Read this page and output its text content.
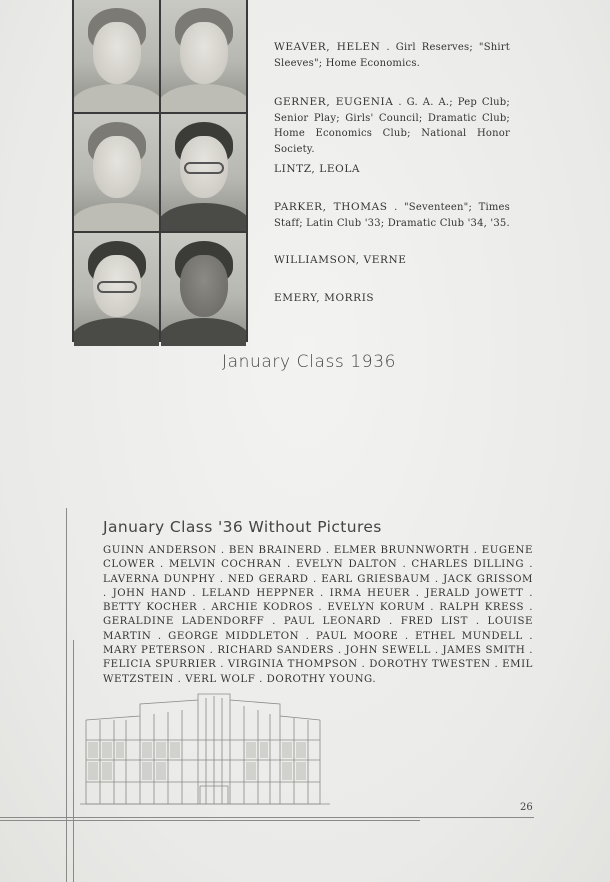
WEAVER, HELEN . Girl Reserves; "Shirt Sleeves"; Home Economics.
GERNER, EUGENIA . G. A. A.; Pep Club; Senior Play; Girls' Council; Dramatic Club; Home Economics Club; National Honor Society.
LINTZ, LEOLA
PARKER, THOMAS . "Seventeen"; Times Staff; Latin Club '33; Dramatic Club '34, '35.
WILLIAMSON, VERNE
EMERY, MORRIS
January Class 1936
January Class '36 Without Pictures
GUINN ANDERSON . BEN BRAINERD . ELMER BRUNNWORTH . EUGENE CLOWER . MELVIN COCHRAN . EVELYN DALTON . CHARLES DILLING . LAVERNA DUNPHY . NED GERARD . EARL GRIESBAUM . JACK GRISSOM . JOHN HAND . LELAND HEPPNER . IRMA HEUER . JERALD JOWETT . BETTY KOCHER . ARCHIE KODROS . EVELYN KORUM . RALPH KRESS . GERALDINE LADENDORFF . PAUL LEONARD . FRED LIST . LOUISE MARTIN . GEORGE MIDDLETON . PAUL MOORE . ETHEL MUNDELL . MARY PETERSON . RICHARD SANDERS . JOHN SEWELL . JAMES SMITH . FELICIA SPURRIER . VIRGINIA THOMPSON . DOROTHY TWESTEN . EMIL WETZSTEIN . VERL WOLF . DOROTHY YOUNG.
26
